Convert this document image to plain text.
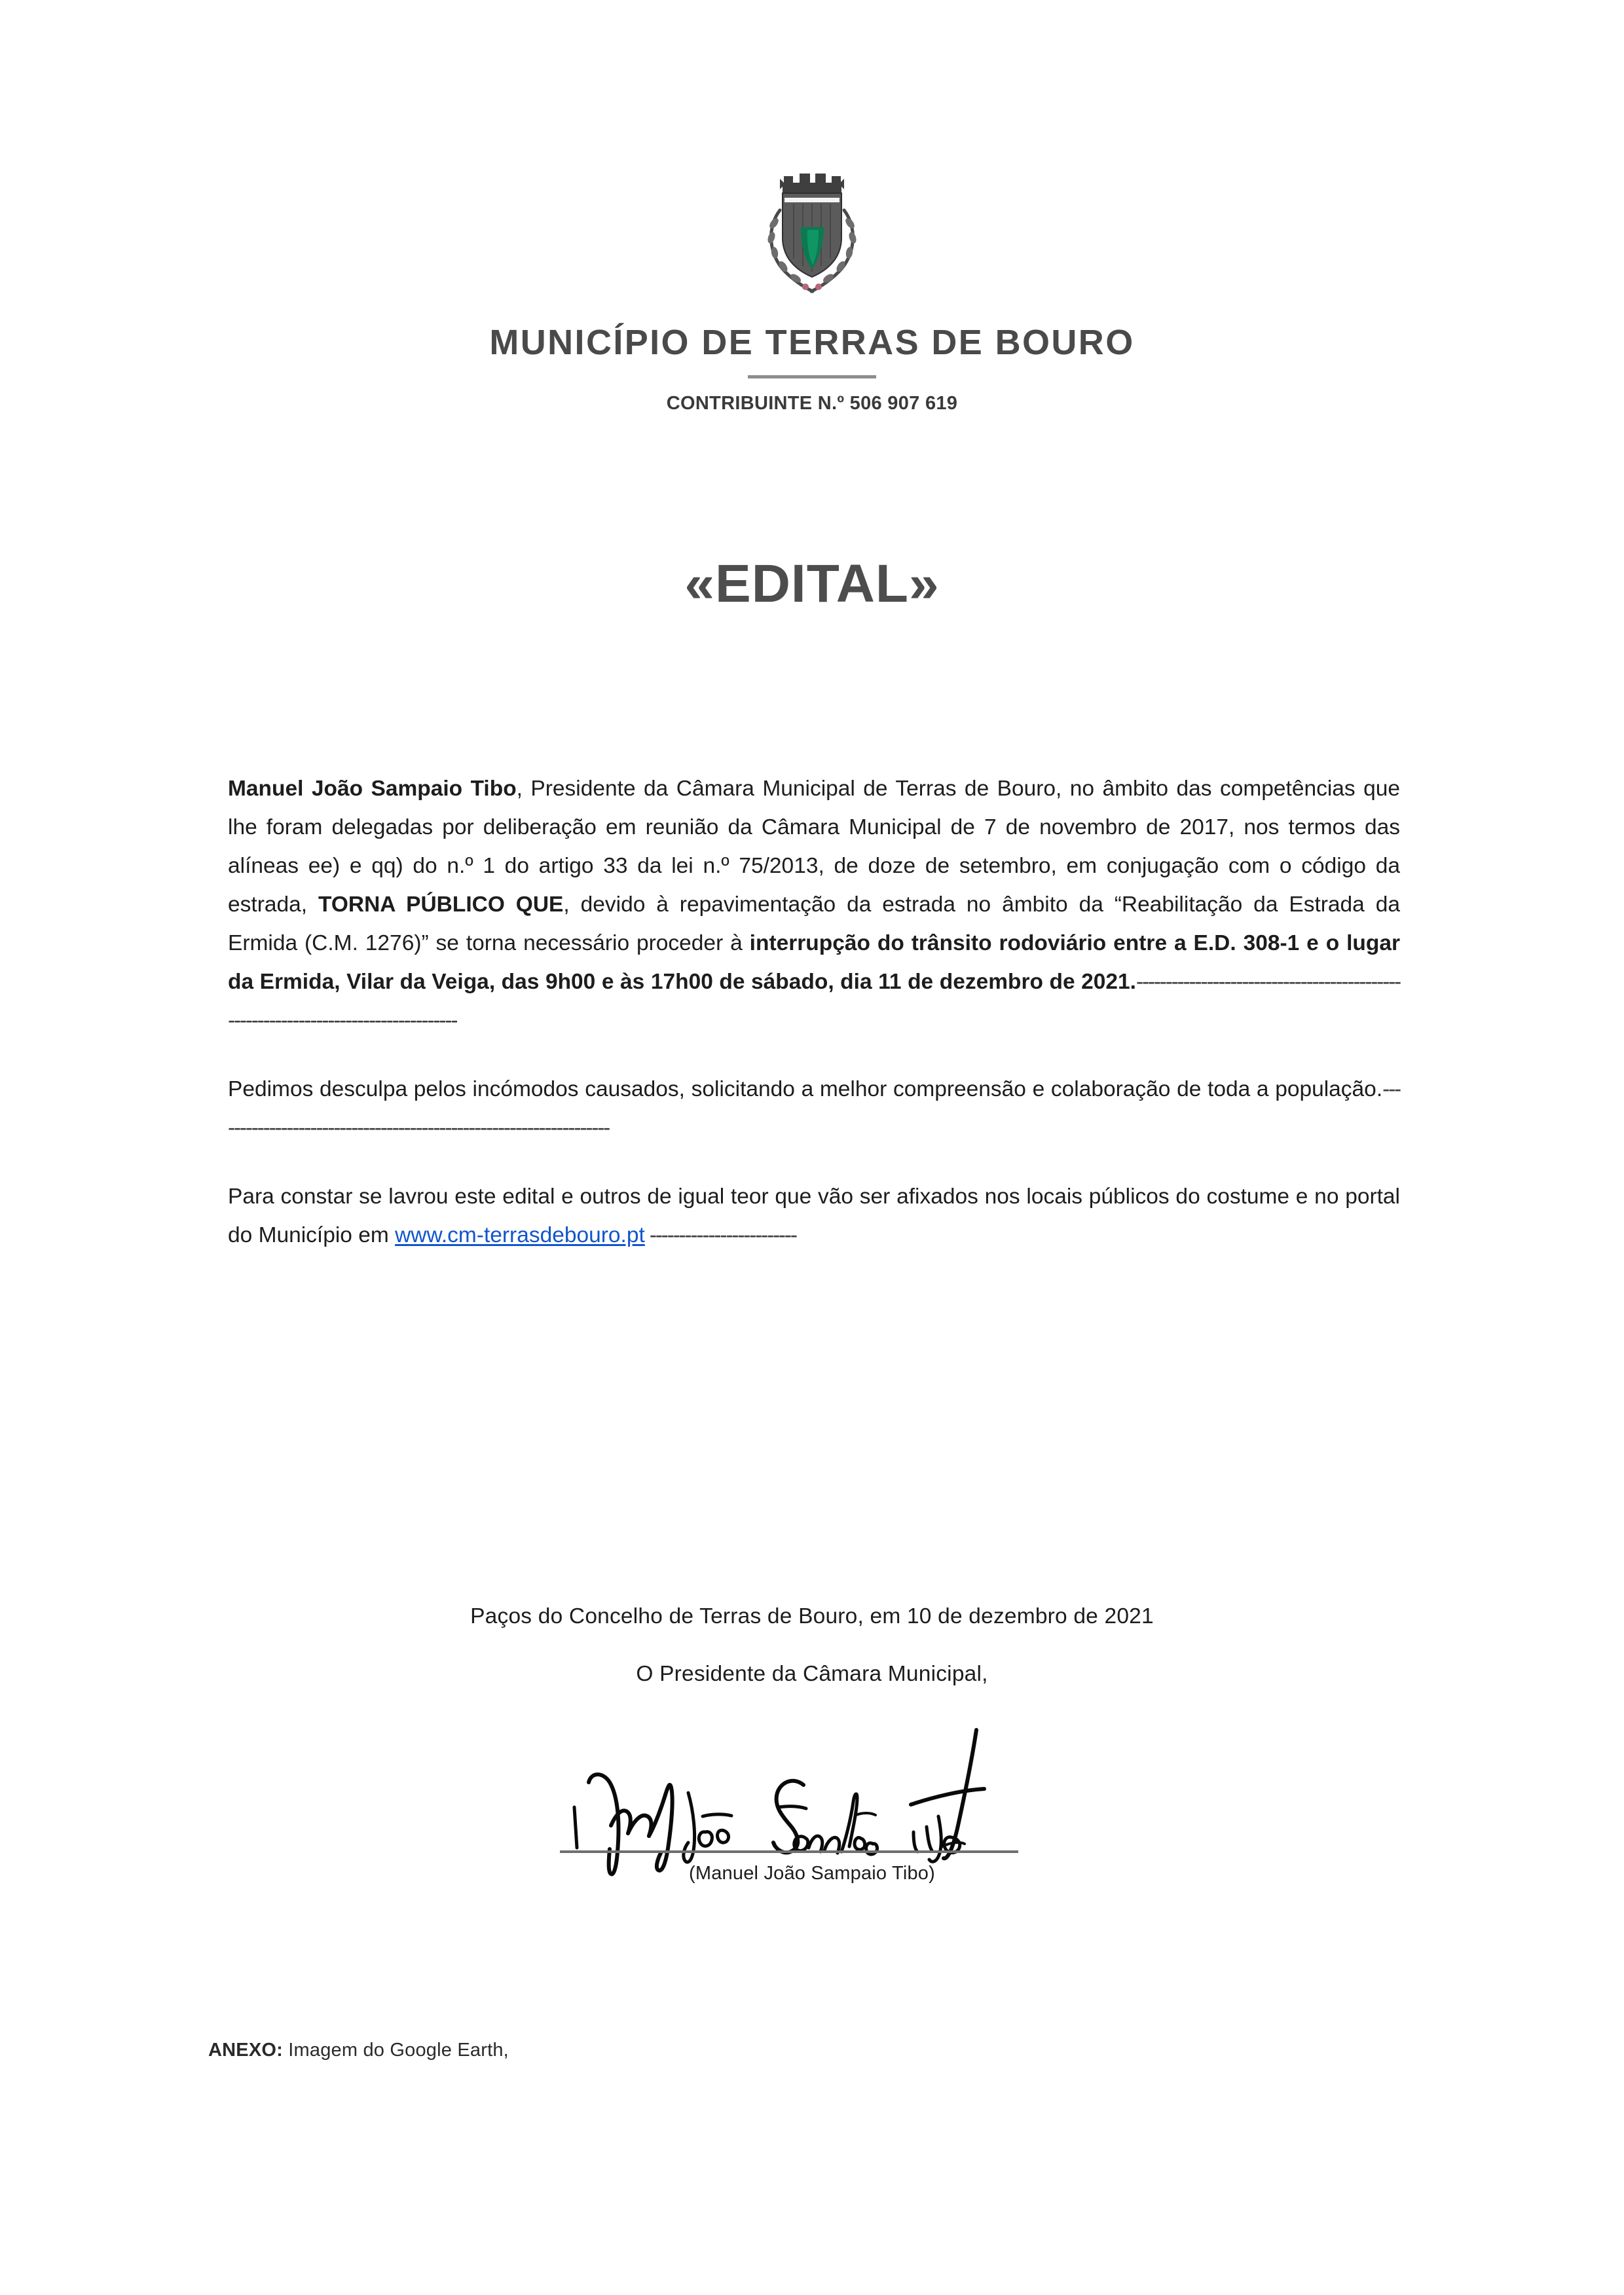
MUNICÍPIO DE TERRAS DE BOURO
CONTRIBUINTE N.º 506 907 619
«EDITAL»

Manuel João Sampaio Tibo, Presidente da Câmara Municipal de Terras de Bouro, no âmbito das competências que lhe foram delegadas por deliberação em reunião da Câmara Municipal de 7 de novembro de 2017, nos termos das alíneas ee) e qq) do n.º 1 do artigo 33 da lei n.º 75/2013, de doze de setembro, em conjugação com o código da estrada, TORNA PÚBLICO QUE, devido à repavimentação da estrada no âmbito da “Reabilitação da Estrada da Ermida (C.M. 1276)” se torna necessário proceder à interrupção do trânsito rodoviário entre a E.D. 308-1 e o lugar da Ermida, Vilar da Veiga, das 9h00 e às 17h00 de sábado, dia 11 de dezembro de 2021.------------------------------------------------------------------------------------

Pedimos desculpa pelos incómodos causados, solicitando a melhor compreensão e colaboração de toda a população.--------------------------------------------------------------------

Para constar se lavrou este edital e outros de igual teor que vão ser afixados nos locais públicos do costume e no portal do Município em www.cm-terrasdebouro.pt -------------------------

Paços do Concelho de Terras de Bouro, em 10 de dezembro de 2021
O Presidente da Câmara Municipal,
(Manuel João Sampaio Tibo)
ANEXO: Imagem do Google Earth,
